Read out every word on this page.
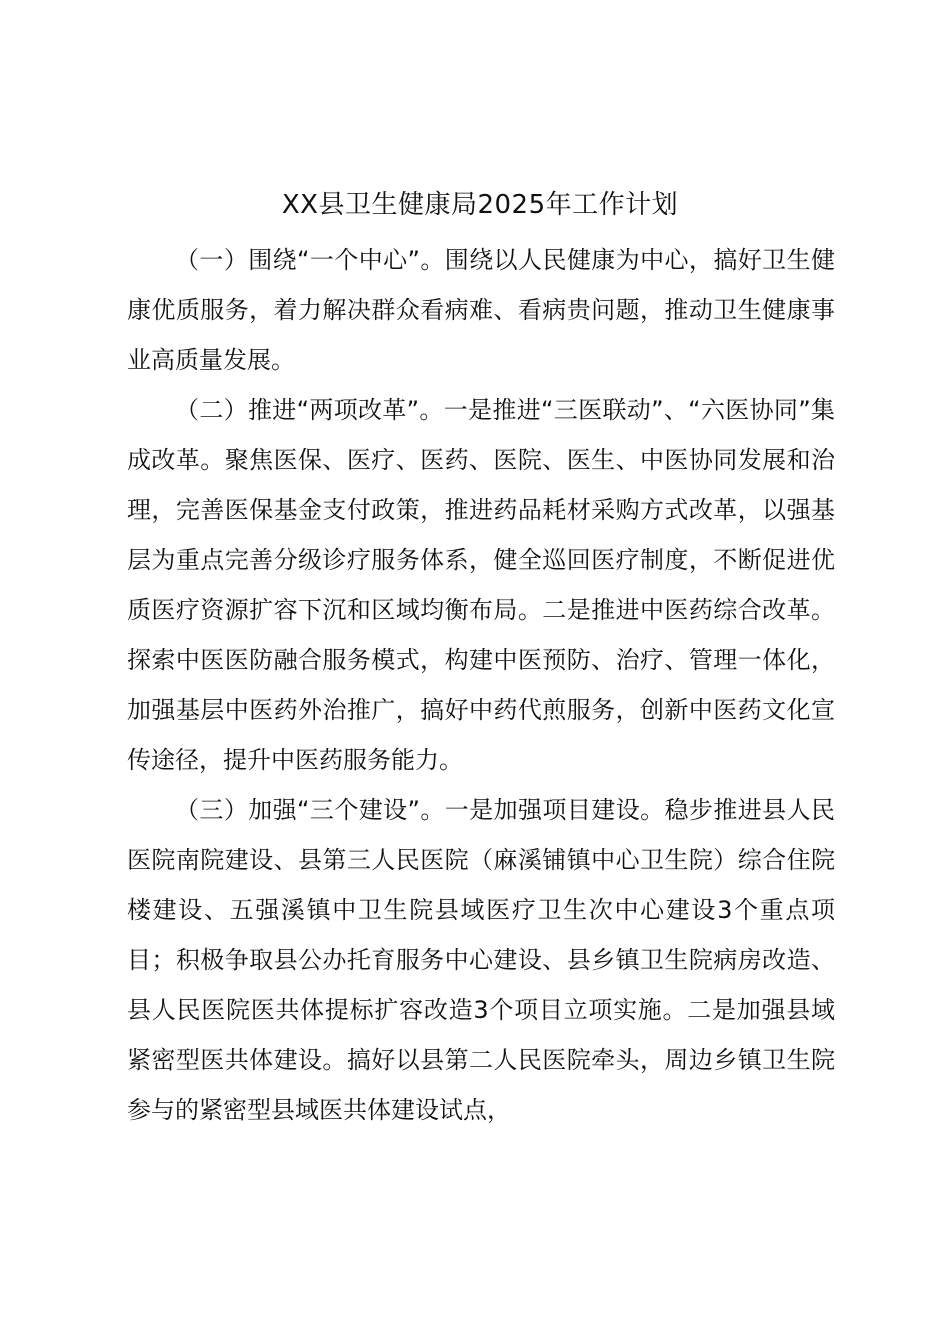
XX县卫生健康局2025年工作计划

（一）围绕“一个中心”。围绕以人民健康为中心，搞好卫生健康优质服务，着力解决群众看病难、看病贵问题，推动卫生健康事业高质量发展。

（二）推进“两项改革”。一是推进“三医联动”、“六医协同”集成改革。聚焦医保、医疗、医药、医院、医生、中医协同发展和治理，完善医保基金支付政策，推进药品耗材采购方式改革，以强基层为重点完善分级诊疗服务体系，健全巡回医疗制度，不断促进优质医疗资源扩容下沉和区域均衡布局。二是推进中医药综合改革。探索中医医防融合服务模式，构建中医预防、治疗、管理一体化，加强基层中医药外治推广，搞好中药代煎服务，创新中医药文化宣传途径，提升中医药服务能力。

（三）加强“三个建设”。一是加强项目建设。稳步推进县人民医院南院建设、县第三人民医院（麻溪铺镇中心卫生院）综合住院楼建设、五强溪镇中卫生院县域医疗卫生次中心建设3个重点项目；积极争取县公办托育服务中心建设、县乡镇卫生院病房改造、县人民医院医共体提标扩容改造3个项目立项实施。二是加强县域紧密型医共体建设。搞好以县第二人民医院牵头，周边乡镇卫生院参与的紧密型县域医共体建设试点，
